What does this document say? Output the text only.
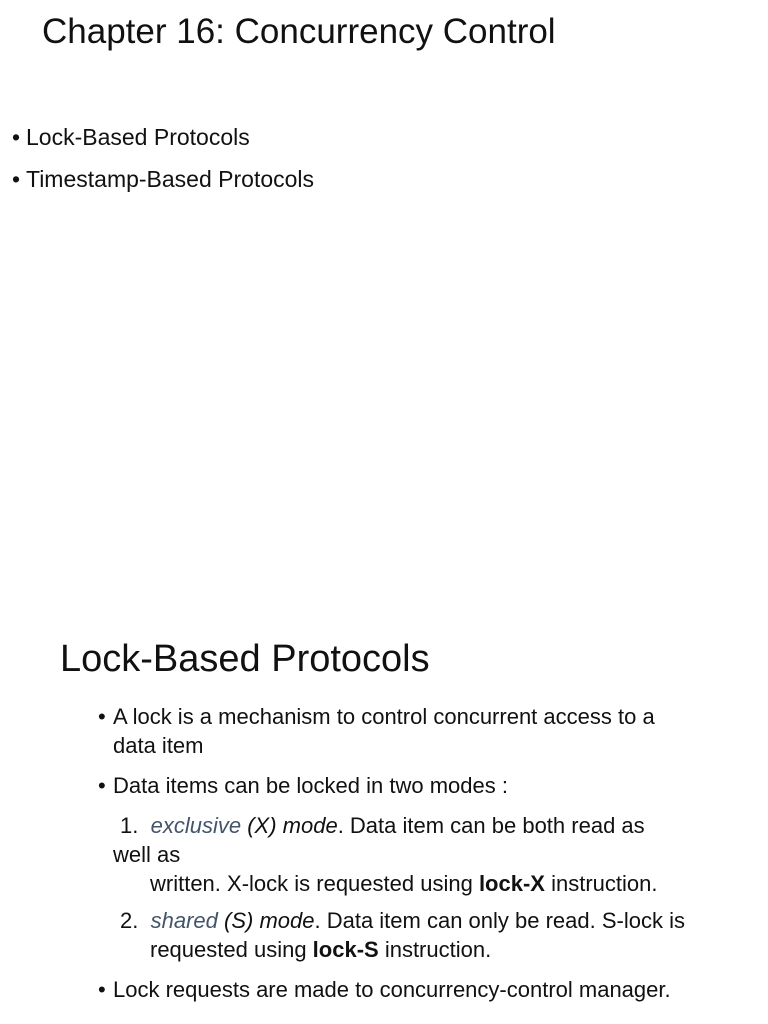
Chapter 16: Concurrency Control
• Lock-Based Protocols
• Timestamp-Based Protocols
Lock-Based Protocols
• A lock is a mechanism to control concurrent access to a
data item
• Data items can be locked in two modes :
1. exclusive (X) mode. Data item can be both read as
well as
written. X-lock is requested using lock-X instruction.
2. shared (S) mode. Data item can only be read. S-lock is
requested using lock-S instruction.
• Lock requests are made to concurrency-control manager.
